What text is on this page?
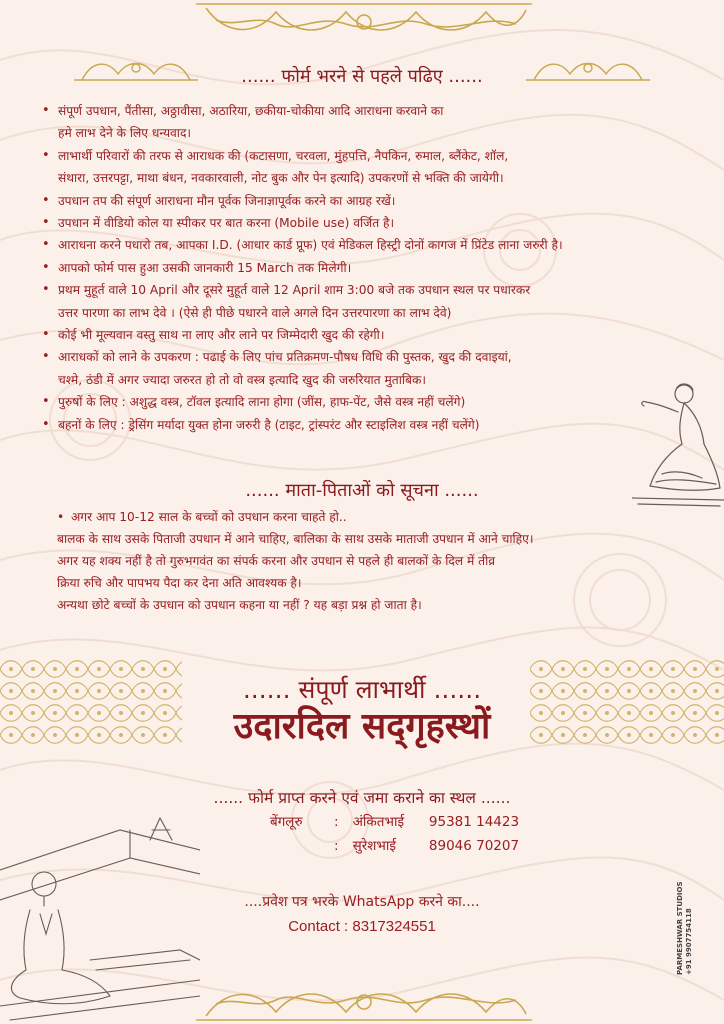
...... फोर्म भरने से पहले पढिए ......
• संपूर्ण उपधान, पैंतीसा, अठ्ठावीसा, अठारिया, छकीया-चोकीया आदि आराधना करवाने का
हमे लाभ देने के लिए धन्यवाद।
• लाभार्थी परिवारों की तरफ से आराधक की (कटासणा, चरवला, मुंहपत्ति, नैपकिन, रुमाल, ब्लैंकेट, शॉल,
संथारा, उत्तरपट्टा, माथा बंधन, नवकारवाली, नोट बुक और पेन इत्यादि) उपकरणों से भक्ति की जायेगी।
• उपधान तप की संपूर्ण आराधना मौन पूर्वक जिनाज्ञापूर्वक करने का आग्रह रखें।
• उपधान में वीडियो कोल या स्पीकर पर बात करना (Mobile use) वर्जित है।
• आराधना करने पधारो तब, आपका I.D. (आधार कार्ड प्रूफ) एवं मेडिकल हिस्ट्री दोनों कागज में प्रिंटेड लाना जरुरी है।
• आपको फोर्म पास हुआ उसकी जानकारी 15 March तक मिलेगी।
• प्रथम मुहूर्त वाले 10 April और दूसरे मुहूर्त वाले 12 April शाम 3:00 बजे तक उपधान स्थल पर पधारकर
उत्तर पारणा का लाभ देवे । (ऐसे ही पीछे पधारने वाले अगले दिन उत्तरपारणा का लाभ देवे)
• कोई भी मूल्यवान वस्तु साथ ना लाए और लाने पर जिम्मेदारी खुद की रहेगी।
• आराधकों को लाने के उपकरण : पढाई के लिए पांच प्रतिक्रमण-पौषध विधि की पुस्तक, खुद की दवाइयां,
चश्मे, ठंडी में अगर ज्यादा जरुरत हो तो वो वस्त्र इत्यादि खुद की जरुरियात मुताबिक।
• पुरुषों के लिए : अशुद्ध वस्त्र, टॉवल इत्यादि लाना होगा (जींस, हाफ-पेंट, जैसे वस्त्र नहीं चलेंगे)
• बहनों के लिए : ड्रेसिंग मर्यादा युक्त होना जरुरी है (टाइट, ट्रांस्परंट और स्टाइलिश वस्त्र नहीं चलेंगे)
...... माता-पिताओं को सूचना ......
• अगर आप 10-12 साल के बच्चों को उपधान करना चाहते हो..
बालक के साथ उसके पिताजी उपधान में आने चाहिए, बालिका के साथ उसके माताजी उपधान में आने चाहिए।
अगर यह शक्य नहीं है तो गुरुभगवंत का संपर्क करना और उपधान से पहले ही बालकों के दिल में तीव्र
क्रिया रुचि और पापभय पैदा कर देना अति आवश्यक है।
अन्यथा छोटे बच्चों के उपधान को उपधान कहना या नहीं ? यह बड़ा प्रश्न हो जाता है।
...... संपूर्ण लाभार्थी ......
उदारदिल सद्‌गृहस्थों
...... फोर्म प्राप्त करने एवं जमा कराने का स्थल ......
बेंगलूरु : अंकितभाई 95381 14423
: सुरेशभाई 89046 70207
....प्रवेश पत्र भरके WhatsApp करने का....
Contact : 8317324551	PARMESHWAR STUDIOS +91 9907754118
